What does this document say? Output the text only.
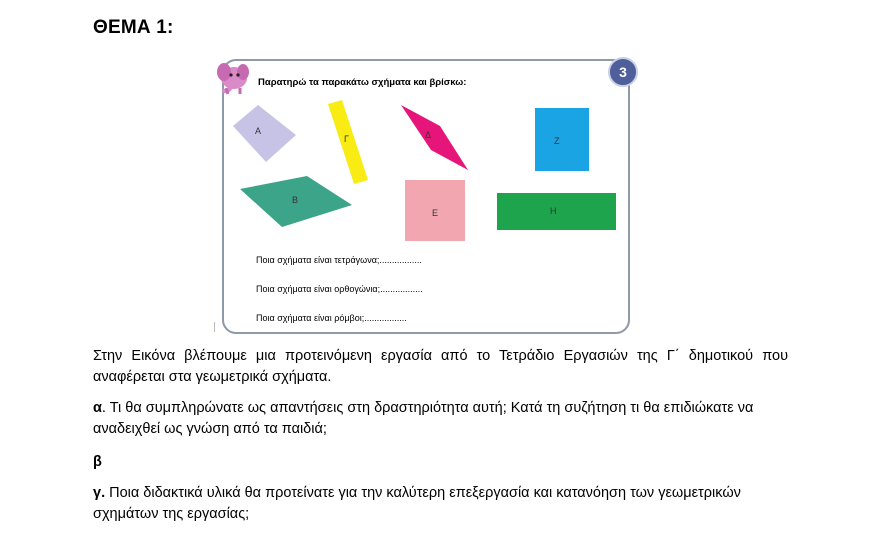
ΘΕΜΑ 1:
3
Παρατηρώ τα παρακάτω σχήματα και βρίσκω:
Α
Γ	Δ
Ζ
Β
Ε	Η
Ποια σχήματα είναι τετράγωνα;.................
Ποια σχήματα είναι ορθογώνια;.................
Ποια σχήματα είναι ρόμβοι;.................
Στην Εικόνα βλέπουμε μια προτεινόμενη εργασία από το Τετράδιο Εργασιών της Γ΄ δημοτικού που αναφέρεται στα γεωμετρικά σχήματα.
α. Τι θα συμπληρώνατε ως απαντήσεις στη δραστηριότητα αυτή; Κατά τη συζήτηση τι θα επιδιώκατε να αναδειχθεί ως γνώση από τα παιδιά;
β
γ. Ποια διδακτικά υλικά θα προτείνατε για την καλύτερη επεξεργασία και κατανόηση των γεωμετρικών σχημάτων της εργασίας;
